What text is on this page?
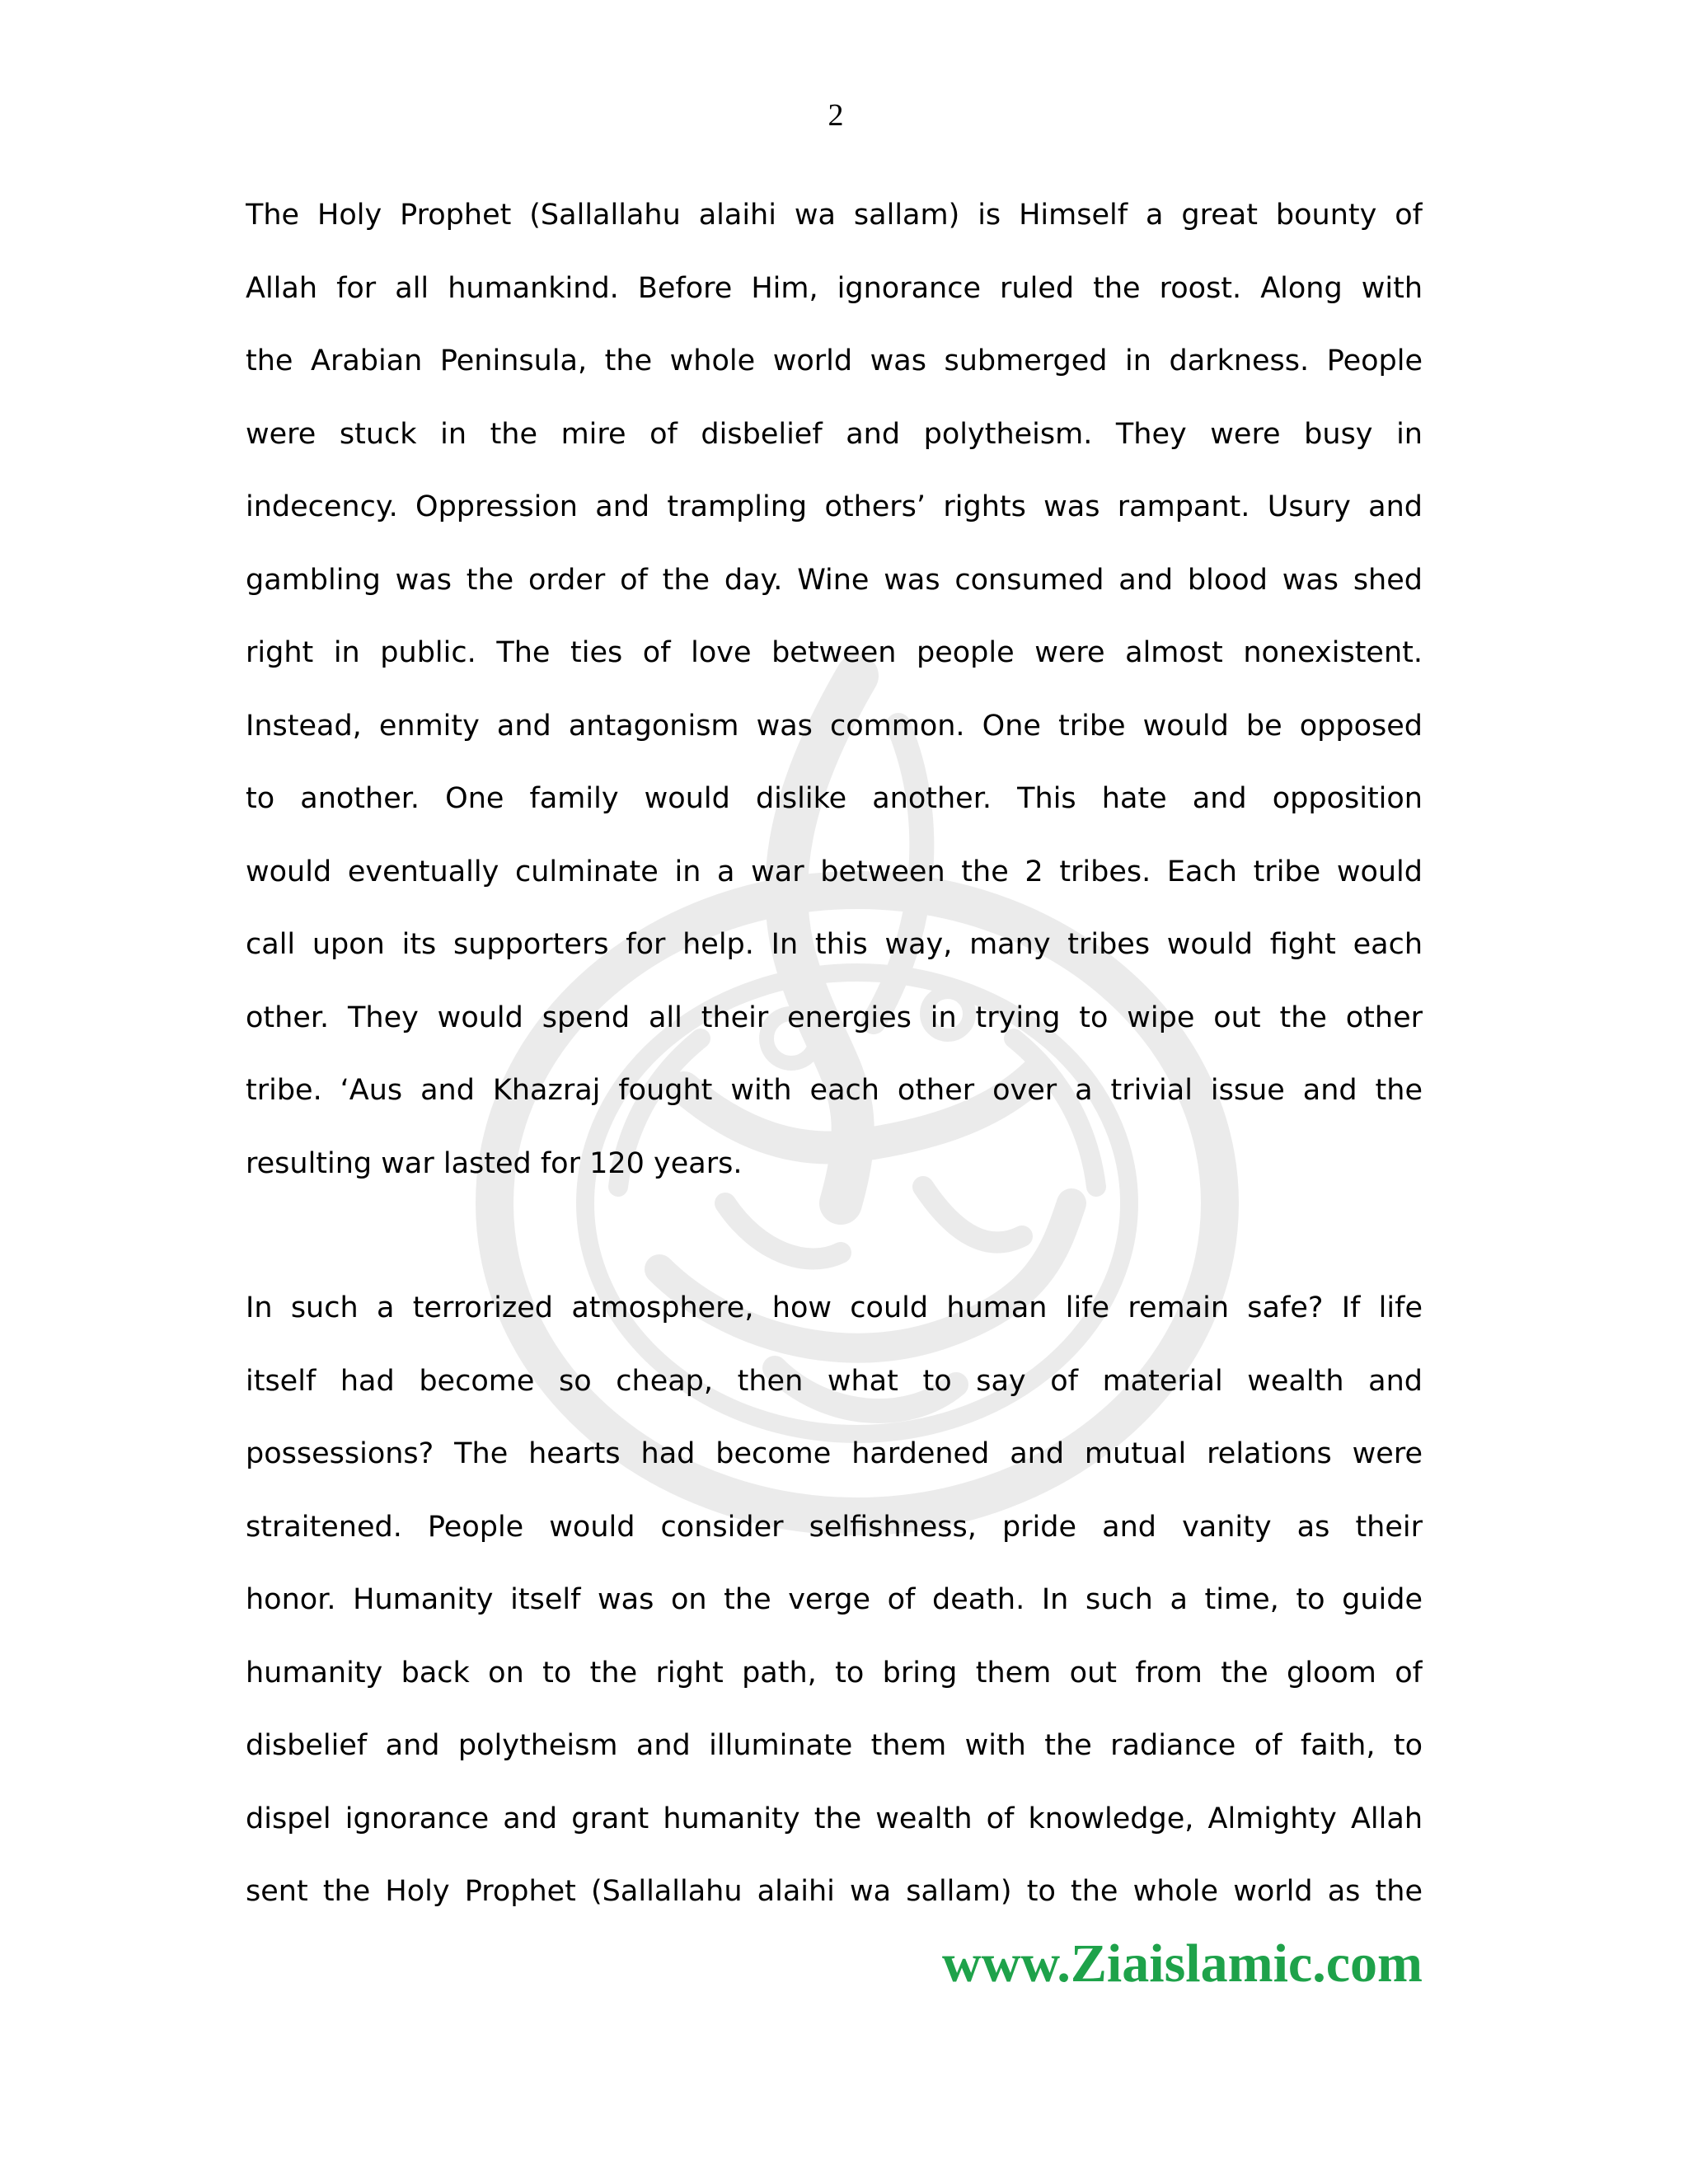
2
The Holy Prophet (Sallallahu alaihi wa sallam) is Himself a great bounty of
Allah for all humankind. Before Him, ignorance ruled the roost. Along with
the Arabian Peninsula, the whole world was submerged in darkness. People
were stuck in the mire of disbelief and polytheism. They were busy in
indecency. Oppression and trampling others’ rights was rampant. Usury and
gambling was the order of the day. Wine was consumed and blood was shed
right in public. The ties of love between people were almost nonexistent.
Instead, enmity and antagonism was common. One tribe would be opposed
to another. One family would dislike another. This hate and opposition
would eventually culminate in a war between the 2 tribes. Each tribe would
call upon its supporters for help. In this way, many tribes would fight each
other. They would spend all their energies in trying to wipe out the other
tribe. ‘Aus and Khazraj fought with each other over a trivial issue and the
resulting war lasted for 120 years.
In such a terrorized atmosphere, how could human life remain safe? If life
itself had become so cheap, then what to say of material wealth and
possessions? The hearts had become hardened and mutual relations were
straitened. People would consider selfishness, pride and vanity as their
honor. Humanity itself was on the verge of death. In such a time, to guide
humanity back on to the right path, to bring them out from the gloom of
disbelief and polytheism and illuminate them with the radiance of faith, to
dispel ignorance and grant humanity the wealth of knowledge, Almighty Allah
sent the Holy Prophet (Sallallahu alaihi wa sallam) to the whole world as the
www.Ziaislamic.com
